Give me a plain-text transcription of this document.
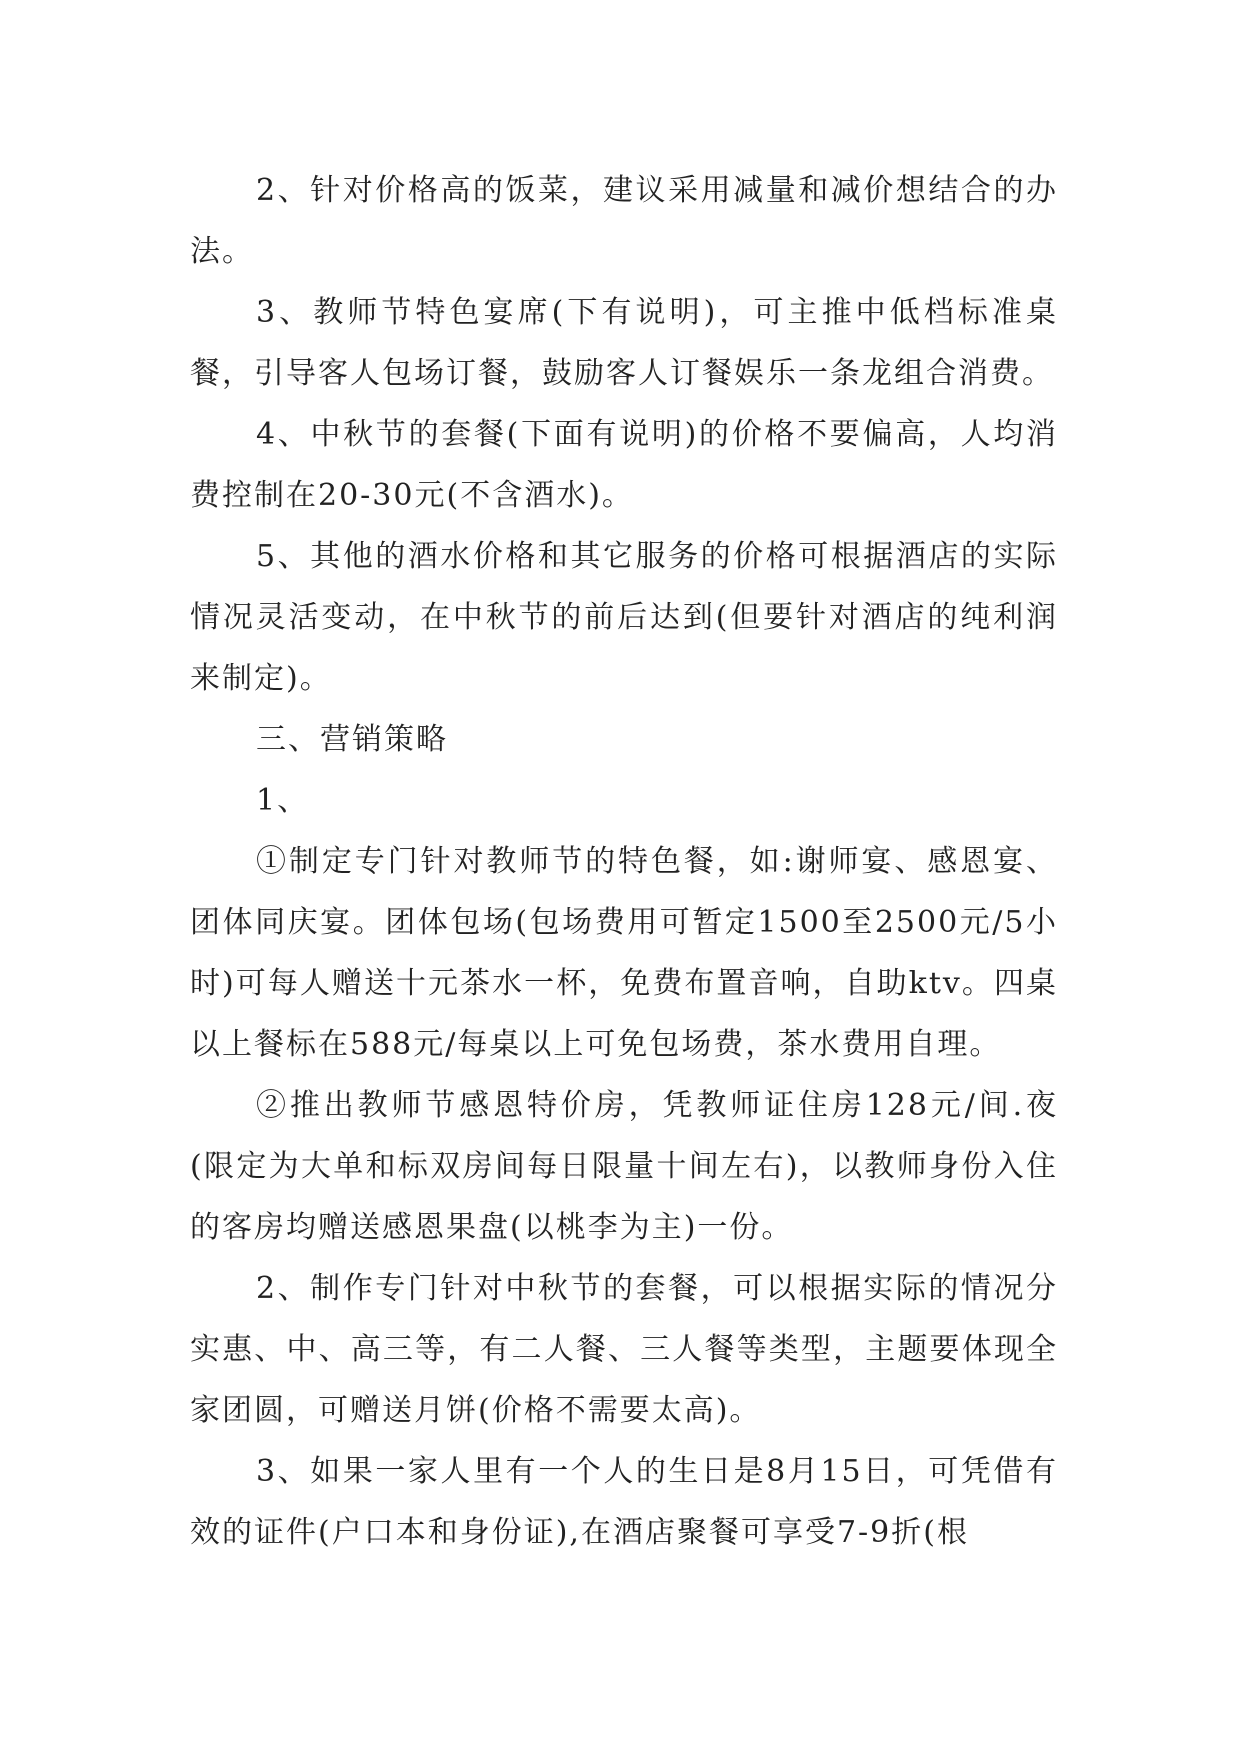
2、针对价格高的饭菜，建议采用减量和减价想结合的办法。

3、教师节特色宴席(下有说明)，可主推中低档标准桌餐，引导客人包场订餐，鼓励客人订餐娱乐一条龙组合消费。

4、中秋节的套餐(下面有说明)的价格不要偏高，人均消费控制在20-30元(不含酒水)。

5、其他的酒水价格和其它服务的价格可根据酒店的实际情况灵活变动，在中秋节的前后达到(但要针对酒店的纯利润来制定)。

三、营销策略

1、

①制定专门针对教师节的特色餐，如:谢师宴、感恩宴、团体同庆宴。团体包场(包场费用可暂定1500至2500元/5小时)可每人赠送十元茶水一杯，免费布置音响，自助ktv。四桌以上餐标在588元/每桌以上可免包场费，茶水费用自理。

②推出教师节感恩特价房，凭教师证住房128元/间.夜(限定为大单和标双房间每日限量十间左右)，以教师身份入住的客房均赠送感恩果盘(以桃李为主)一份。

2、制作专门针对中秋节的套餐，可以根据实际的情况分实惠、中、高三等，有二人餐、三人餐等类型，主题要体现全家团圆，可赠送月饼(价格不需要太高)。

3、如果一家人里有一个人的生日是8月15日，可凭借有效的证件(户口本和身份证),在酒店聚餐可享受7-9折(根
